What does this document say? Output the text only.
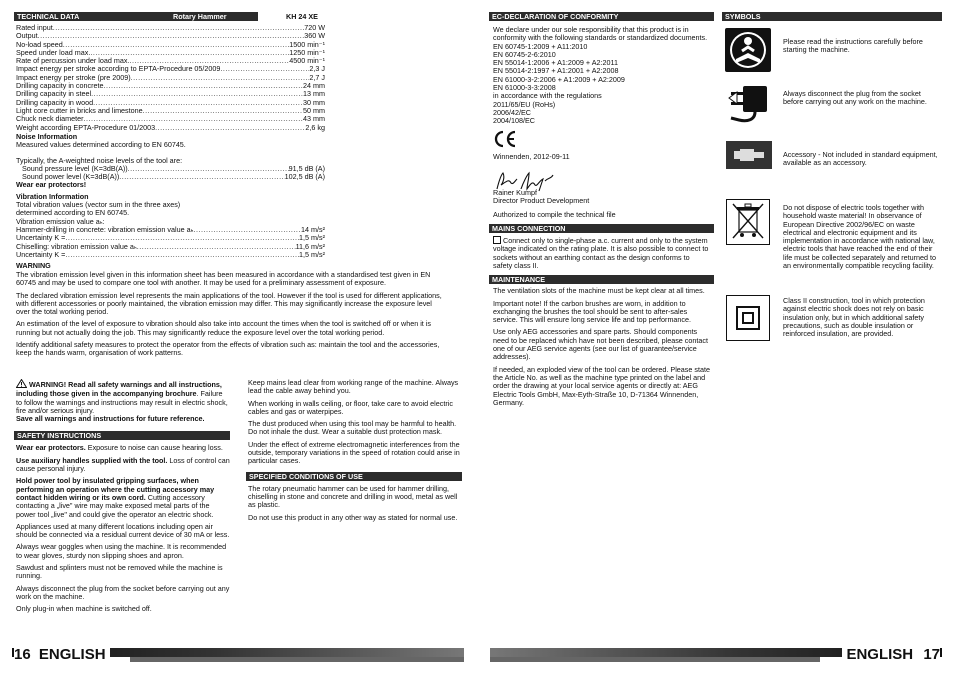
TECHNICAL DATA	Rotary Hammer	KH 24 XE
Rated input .....	720 W
Output .....	360 W
No-load speed .....	1500 min⁻¹
Speed under load max. .....	1250 min⁻¹
Rate of percussion under load max. .....	4500 min⁻¹
Impact energy per stroke according to EPTA-Procedure 05/2009 .....	2,3 J
Impact energy per stroke (pre 2009) .....	2,7 J
Drilling capacity in concrete .....	24 mm
Drilling capacity in steel .....	13 mm
Drilling capacity in wood .....	30 mm
Light core cutter in bricks and limestone .....	50 mm
Chuck neck diameter .....	43 mm
Weight according EPTA-Procedure 01/2003 .....	2,6 kg
Noise Information
Measured values determined according to EN 60745.
Typically, the A-weighted noise levels of the tool are:
Sound pressure level (K=3dB(A)) .....	91,5 dB (A)
Sound power level (K=3dB(A)) .....	102,5 dB (A)
Wear ear protectors!
Vibration Information
Total vibration values (vector sum in the three axes)
determined according to EN 60745.
Vibration emission value aₕ:
Hammer-drilling in concrete: vibration emission value aₕ .....	14 m/s²
Uncertainty K = .....	1,5 m/s²
Chiselling: vibration emission value aₕ .....	11,6 m/s²
Uncertainty K = .....	1,5 m/s²
WARNING
The vibration emission level given in this information sheet has been measured in accordance with a standardised test given in EN 60745 and may be used to compare one tool with another. It may be used for a preliminary assessment of exposure.
The declared vibration emission level represents the main applications of the tool. However if the tool is used for different applications, with different accessories or poorly maintained, the vibration emission may differ. This may significantly increase the exposure level over the total working period.
An estimation of the level of exposure to vibration should also take into account the times when the tool is switched off or when it is running but not actually doing the job. This may significantly reduce the exposure level over the total working period.
Identify additional safety measures to protect the operator from the effects of vibration such as: maintain the tool and the accessories, keep the hands warm, organisation of work patterns.
WARNING! Read all safety warnings and all instructions, including those given in the accompanying brochure. Failure to follow the warnings and instructions may result in electric shock, fire and/or serious injury.
Save all warnings and instructions for future reference.
SAFETY INSTRUCTIONS
Wear ear protectors. Exposure to noise can cause hearing loss.
Use auxiliary handles supplied with the tool. Loss of control can cause personal injury.
Hold power tool by insulated gripping surfaces, when performing an operation where the cutting accessory may contact hidden wiring or its own cord. Cutting accessory contacting a „live" wire may make exposed metal parts of the power tool „live" and could give the operator an electric shock.
Appliances used at many different locations including open air should be connected via a residual current device of 30 mA or less.
Always wear goggles when using the machine. It is recommended to wear gloves, sturdy non slipping shoes and apron.
Sawdust and splinters must not be removed while the machine is running.
Always disconnect the plug from the socket before carrying out any work on the machine.
Only plug-in when machine is switched off.
Keep mains lead clear from working range of the machine. Always lead the cable away behind you.
When working in walls ceiling, or floor, take care to avoid electric cables and gas or waterpipes.
The dust produced when using this tool may be harmful to health. Do not inhale the dust. Wear a suitable dust protection mask.
Under the effect of extreme electromagnetic interferences from the outside, temporary variations in the speed of rotation could arise in particular cases.
SPECIFIED CONDITIONS OF USE
The rotary pneumatic hammer can be used for hammer drilling, chiselling in stone and concrete and drilling in wood, metal as well as plastic.
Do not use this product in any other way as stated for normal use.
16 ENGLISH
EC-DECLARATION OF CONFORMITY
We declare under our sole responsibility that this product is in conformity with the following standards or standardized documents.
EN 60745-1:2009 + A11:2010
EN 60745-2-6:2010
EN 55014-1:2006 + A1:2009 + A2:2011
EN 55014-2:1997 + A1:2001 + A2:2008
EN 61000-3-2:2006 + A1:2009 + A2:2009
EN 61000-3-3:2008
in accordance with the regulations
2011/65/EU (RoHs)
2006/42/EC
2004/108/EC
Winnenden, 2012-09-11
Rainer Kumpf
Director Product Development
Authorized to compile the technical file
MAINS CONNECTION
Connect only to single-phase a.c. current and only to the system voltage indicated on the rating plate. It is also possible to connect to sockets without an earthing contact as the design conforms to safety class II.
MAINTENANCE
The ventilation slots of the machine must be kept clear at all times.
Important note! If the carbon brushes are worn, in addition to exchanging the brushes the tool should be sent to after-sales service. This will ensure long service life and top performance.
Use only AEG accessories and spare parts. Should components need to be replaced which have not been described, please contact one of our AEG service agents (see our list of guarantee/service addresses).
If needed, an exploded view of the tool can be ordered. Please state the Article No. as well as the machine type printed on the label and order the drawing at your local service agents or directly at: AEG Electric Tools GmbH, Max-Eyth-Straße 10, D-71364 Winnenden, Germany.
SYMBOLS
Please read the instructions carefully before starting the machine.
Always disconnect the plug from the socket before carrying out any work on the machine.
Accessory - Not included in standard equipment, available as an accessory.
Do not dispose of electric tools together with household waste material! In observance of European Directive 2002/96/EC on waste electrical and electronic equipment and its implementation in accordance with national law, electric tools that have reached the end of their life must be collected separately and returned to an environmentally compatible recycling facility.
Class II construction, tool in which protection against electric shock does not rely on basic insulation only, but in which additional safety precautions, such as double insulation or reinforced insulation, are provided.
ENGLISH 17
